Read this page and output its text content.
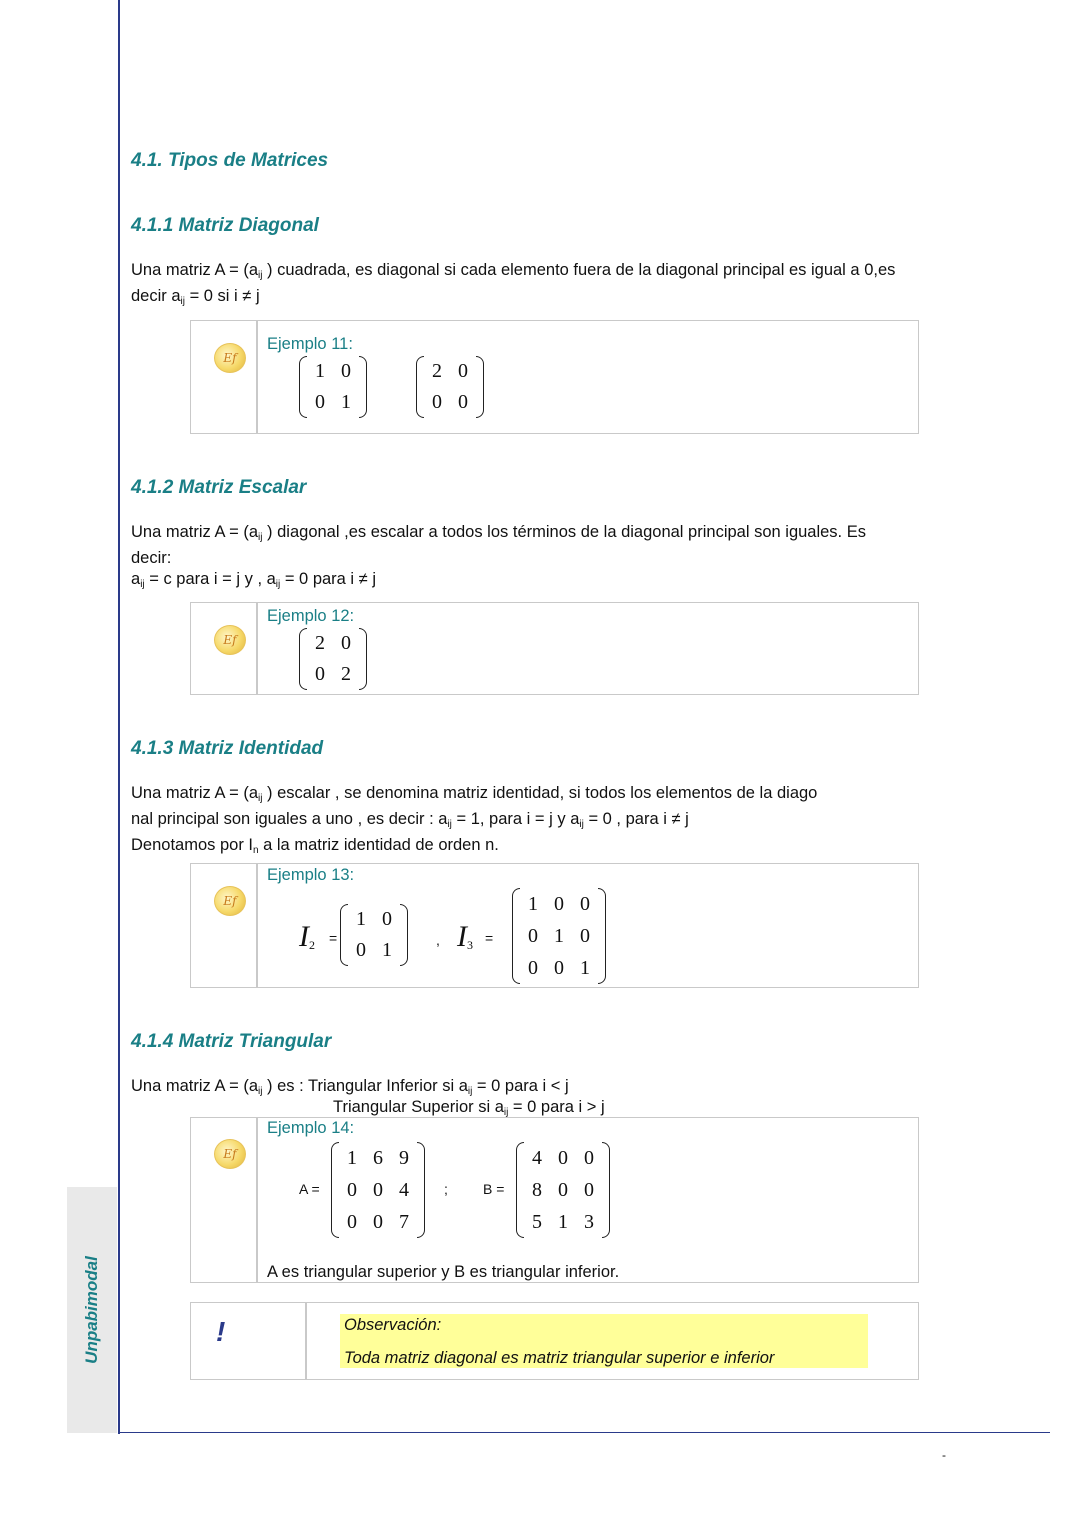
Unpabimodal
4.1. Tipos de Matrices
4.1.1 Matriz Diagonal
Una matriz $A = (a_{ij}$ ) cuadrada, es diagonal si cada elemento fuera de la diagonal principal es igual a 0,es
decir $a_{ij} = 0$ si i ≠ j
Ef
Ejemplo 11:
1	0
0	1
2	0
0	0
4.1.2 Matriz Escalar
Una matriz $A = (a_{ij}$ ) diagonal ,es escalar a todos los términos de la diagonal principal son iguales. Es
decir:
$a_{ij} = c$ para i = j y , $a_{ij} = 0$ para i ≠ j
Ef
Ejemplo 12:
2	0
0	2
4.1.3 Matriz Identidad
Una matriz $A = (a_{ij}$ ) escalar , se denomina matriz identidad, si todos los elementos de la diago
nal principal son iguales a uno , es decir : $a_{ij} = 1$, para i = j y $a_{ij} = 0$ , para i ≠ j
Denotamos por $I_n$ a la matriz identidad de orden n.
Ef
Ejemplo 13:
$I_2$ =
1	0
0	1	, $I_3$ =
1	0	0
0	1	0
0	0	1
4.1.4 Matriz Triangular
Una matriz $A = (a_{ij}$ ) es : Triangular Inferior si $a_{ij} = 0$ para i < j
Triangular Superior si $a_{ij} = 0$ para i > j
Ef
Ejemplo 14:
A =
1	6	9
0	0	4
0	0	7
;	B =
4	0	0
8	0	0
5	1	3
A es triangular superior y B es triangular inferior.
!	Observación:
Toda matriz diagonal es matriz triangular superior e inferior
-
